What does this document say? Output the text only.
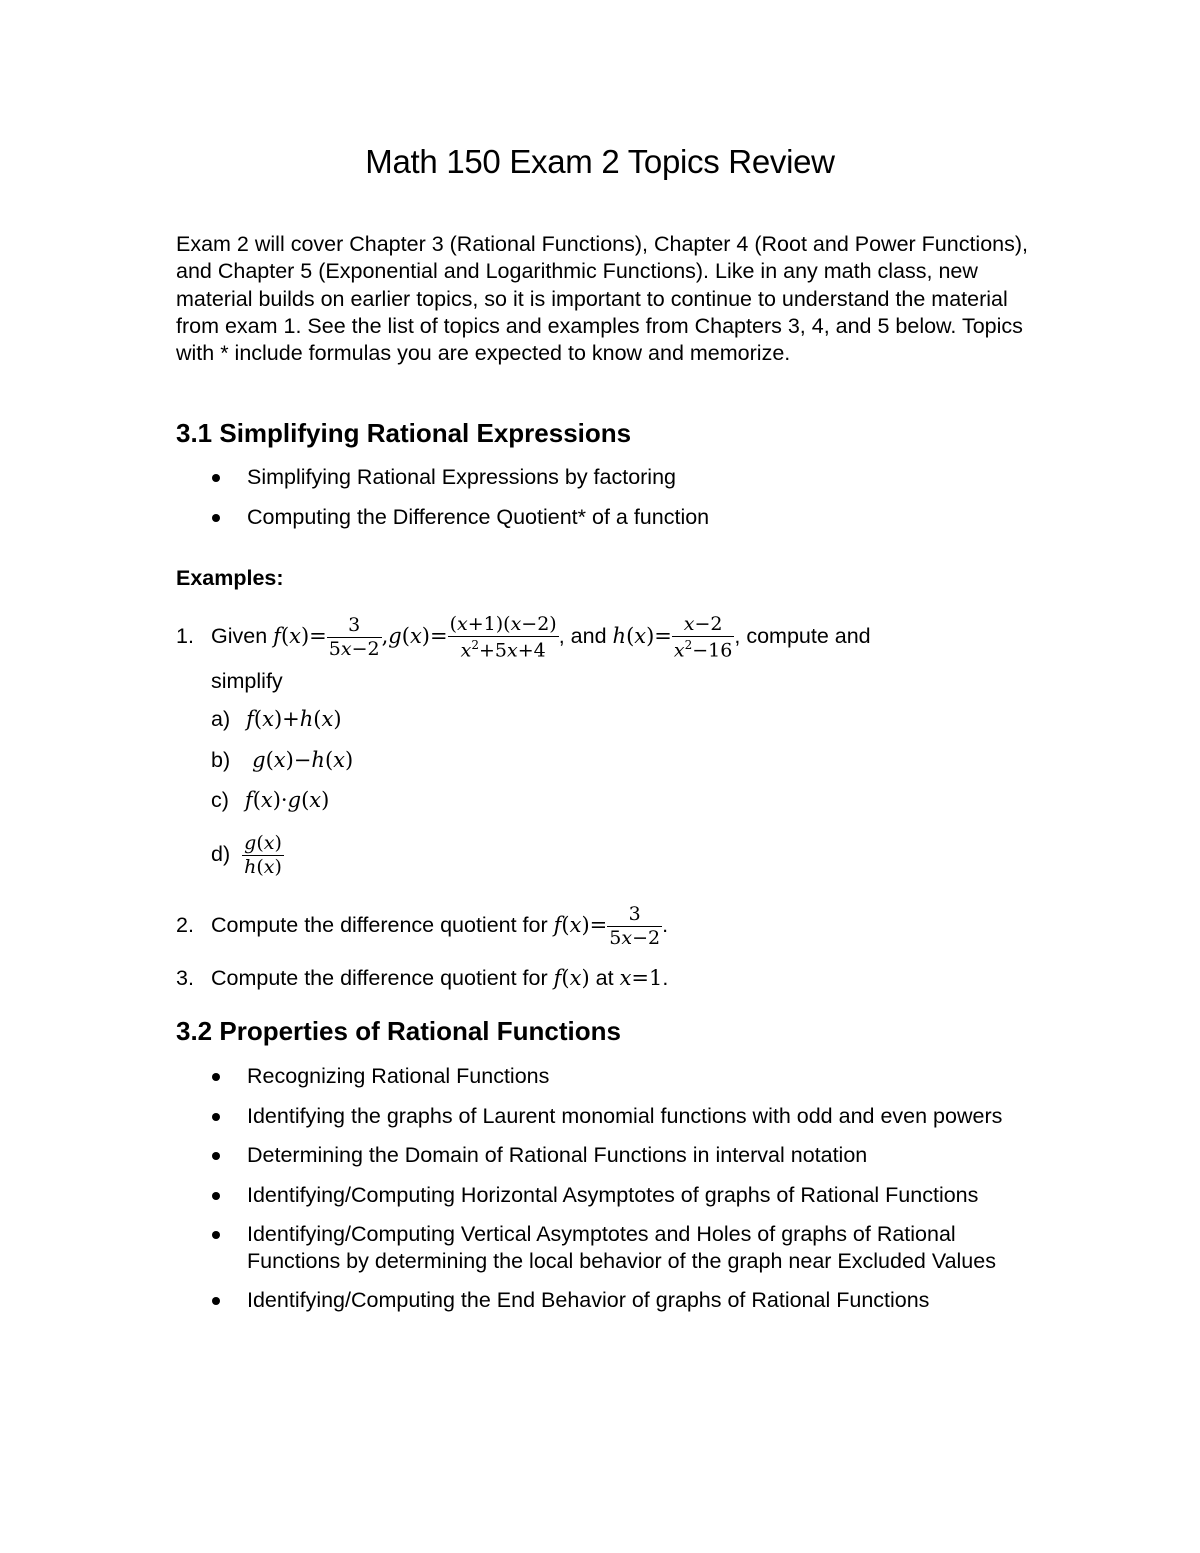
Math 150 Exam 2 Topics Review
Exam 2 will cover Chapter 3 (Rational Functions), Chapter 4 (Root and Power Functions), and Chapter 5 (Exponential and Logarithmic Functions). Like in any math class, new material builds on earlier topics, so it is important to continue to understand the material from exam 1. See the list of topics and examples from Chapters 3, 4, and 5 below. Topics with * include formulas you are expected to know and memorize.
3.1 Simplifying Rational Expressions
Simplifying Rational Expressions by factoring
Computing the Difference Quotient* of a function
Examples:
1. Given $f(x)= \frac{3}{5x-2} ,g(x)= \frac{(x+1)(x-2)}{x^2+5x+4}$ , and $h(x)= \frac{x-2}{x^2-16}$ , compute and
simplify
a) f(x)+h(x)
b) g(x)−h(x)
c) f(x)·g(x)
$d) \frac{g(x)}{h(x)}$
2. Compute the difference quotient for $f(x)= \frac{3}{5x-2}$ .
3. Compute the difference quotient for f(x) at x=1.
3.2 Properties of Rational Functions
Recognizing Rational Functions
Identifying the graphs of Laurent monomial functions with odd and even powers
Determining the Domain of Rational Functions in interval notation
Identifying/Computing Horizontal Asymptotes of graphs of Rational Functions
Identifying/Computing Vertical Asymptotes and Holes of graphs of Rational Functions by determining the local behavior of the graph near Excluded Values
Identifying/Computing the End Behavior of graphs of Rational Functions
